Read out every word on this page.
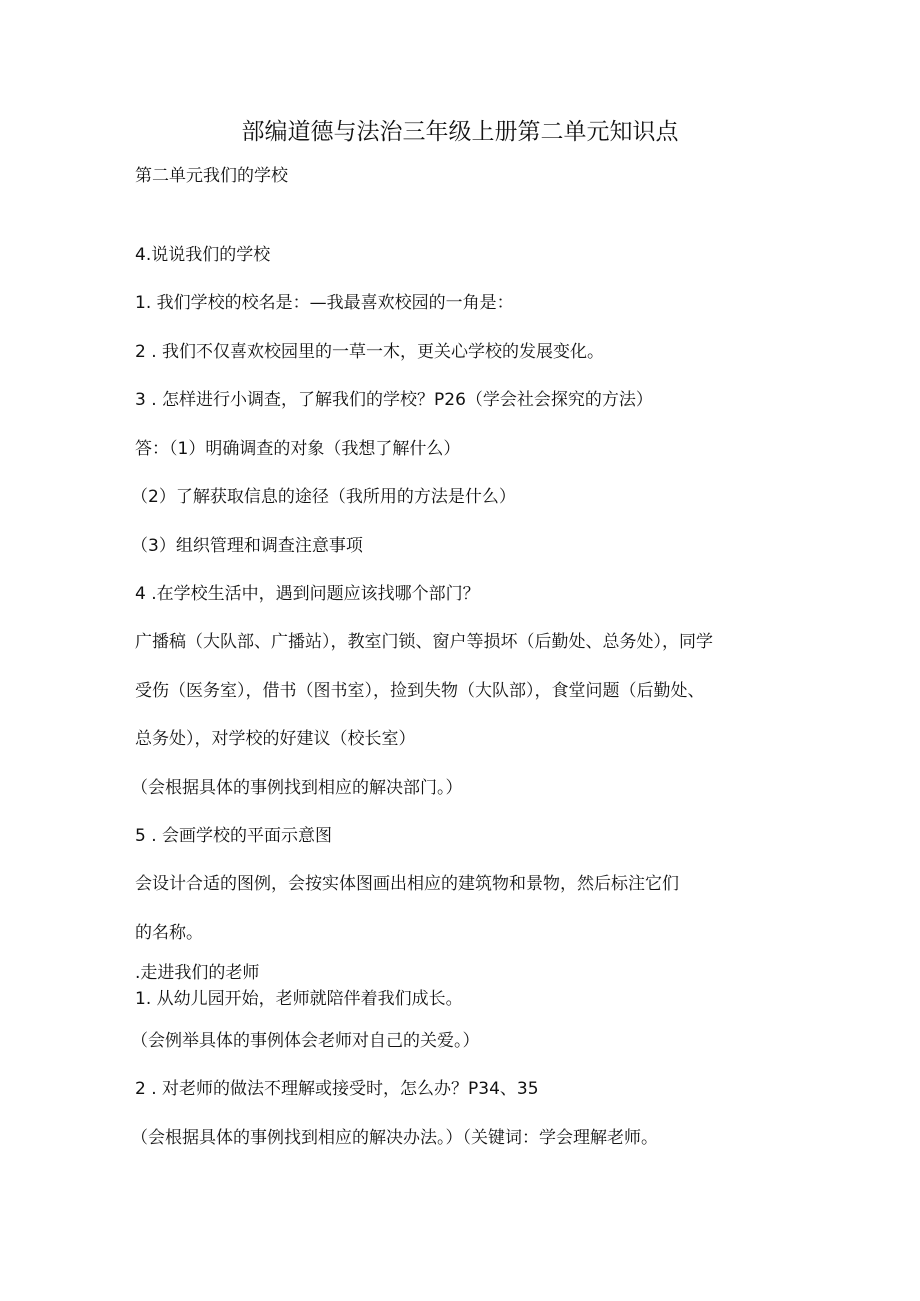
部编道德与法治三年级上册第二单元知识点
第二单元我们的学校
4.说说我们的学校
1. 我们学校的校名是：—我最喜欢校园的一角是：
2 . 我们不仅喜欢校园里的一草一木，更关心学校的发展变化。
3 . 怎样进行小调查，了解我们的学校？P26（学会社会探究的方法）
答：（1）明确调查的对象（我想了解什么）
（2）了解获取信息的途径（我所用的方法是什么）
（3）组织管理和调查注意事项
4 .在学校生活中，遇到问题应该找哪个部门？
广播稿（大队部、广播站），教室门锁、窗户等损坏（后勤处、总务处），同学
受伤（医务室），借书（图书室），捡到失物（大队部），食堂问题（后勤处、
总务处），对学校的好建议（校长室）
（会根据具体的事例找到相应的解决部门。）
5 . 会画学校的平面示意图
会设计合适的图例，会按实体图画出相应的建筑物和景物，然后标注它们
的名称。
.走进我们的老师
1. 从幼儿园开始，老师就陪伴着我们成长。
（会例举具体的事例体会老师对自己的关爱。）
2 . 对老师的做法不理解或接受时，怎么办？P34、35
（会根据具体的事例找到相应的解决办法。）（关键词：学会理解老师。
